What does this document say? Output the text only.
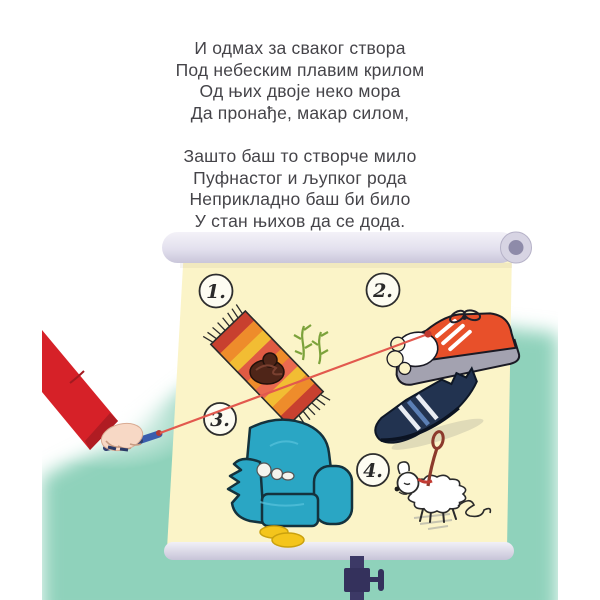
1.	2.
3.
4.
И одмах за сваког створа
Под небеским плавим крилом
Од њих двоје неко мора
Да пронађе, макар силом,
Зашто баш то створче мило
Пуфнастог и љупког рода
Неприкладно баш би било
У стан њихов да се дода.
